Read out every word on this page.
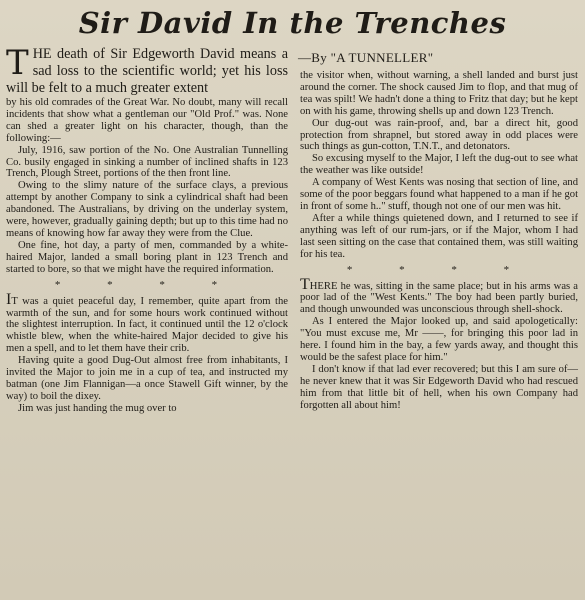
Sir David In the Trenches
—By "A TUNNELLER"
T HE death of Sir Edgeworth David means a sad loss to the scientific world; yet his loss will be felt to a much greater extent

by his old comrades of the Great War. No doubt, many will recall incidents that show what a gentleman our "Old Prof." was. None can shed a greater light on his character, though, than the following:—

July, 1916, saw portion of the No. One Australian Tunnelling Co. busily engaged in sinking a number of inclined shafts in 123 Trench, Plough Street, portions of the then front line.

Owing to the slimy nature of the surface clays, a previous attempt by another Company to sink a cylindrical shaft had been abandoned. The Australians, by driving on the underlay system, were, however, gradually gaining depth; but up to this time had no means of knowing how far away they were from the Clue.

One fine, hot day, a party of men, commanded by a white-haired Major, landed a small boring plant in 123 Trench and started to bore, so that we might have the required information.

* * * *

IT was a quiet peaceful day, I remember, quite apart from the warmth of the sun, and for some hours work continued without the slightest interruption. In fact, it continued until the 12 o'clock whistle blew, when the white-haired Major decided to give his men a spell, and to let them have their crib.

Having quite a good Dug-Out almost free from inhabitants, I invited the Major to join me in a cup of tea, and instructed my batman (one Jim Flannigan—a once Stawell Gift winner, by the way) to boil the dixey.

Jim was just handing the mug over to

the visitor when, without warning, a shell landed and burst just around the corner. The shock caused Jim to flop, and that mug of tea was spilt! We hadn't done a thing to Fritz that day; but he kept on with his game, throwing shells up and down 123 Trench.

Our dug-out was rain-proof, and, bar a direct hit, good protection from shrapnel, but stored away in odd places were such things as gun-cotton, T.N.T., and detonators.

So excusing myself to the Major, I left the dug-out to see what the weather was like outside!

A company of West Kents was nosing that section of line, and some of the poor beggars found what happened to a man if he got in front of some h.." stuff, though not one of our men was hit.

After a while things quietened down, and I returned to see if anything was left of our rum-jars, or if the Major, whom I had last seen sitting on the case that contained them, was still waiting for his tea.

* * * *

THERE he was, sitting in the same place; but in his arms was a poor lad of the "West Kents." The boy had been partly buried, and though unwounded was unconscious through shell-shock.

As I entered the Major looked up, and said apologetically: "You must excuse me, Mr ——, for bringing this poor lad in here. I found him in the bay, a few yards away, and thought this would be the safest place for him."

I don't know if that lad ever recovered; but this I am sure of—he never knew that it was Sir Edgeworth David who had rescued him from that little bit of hell, when his own Company had forgotten all about him!
